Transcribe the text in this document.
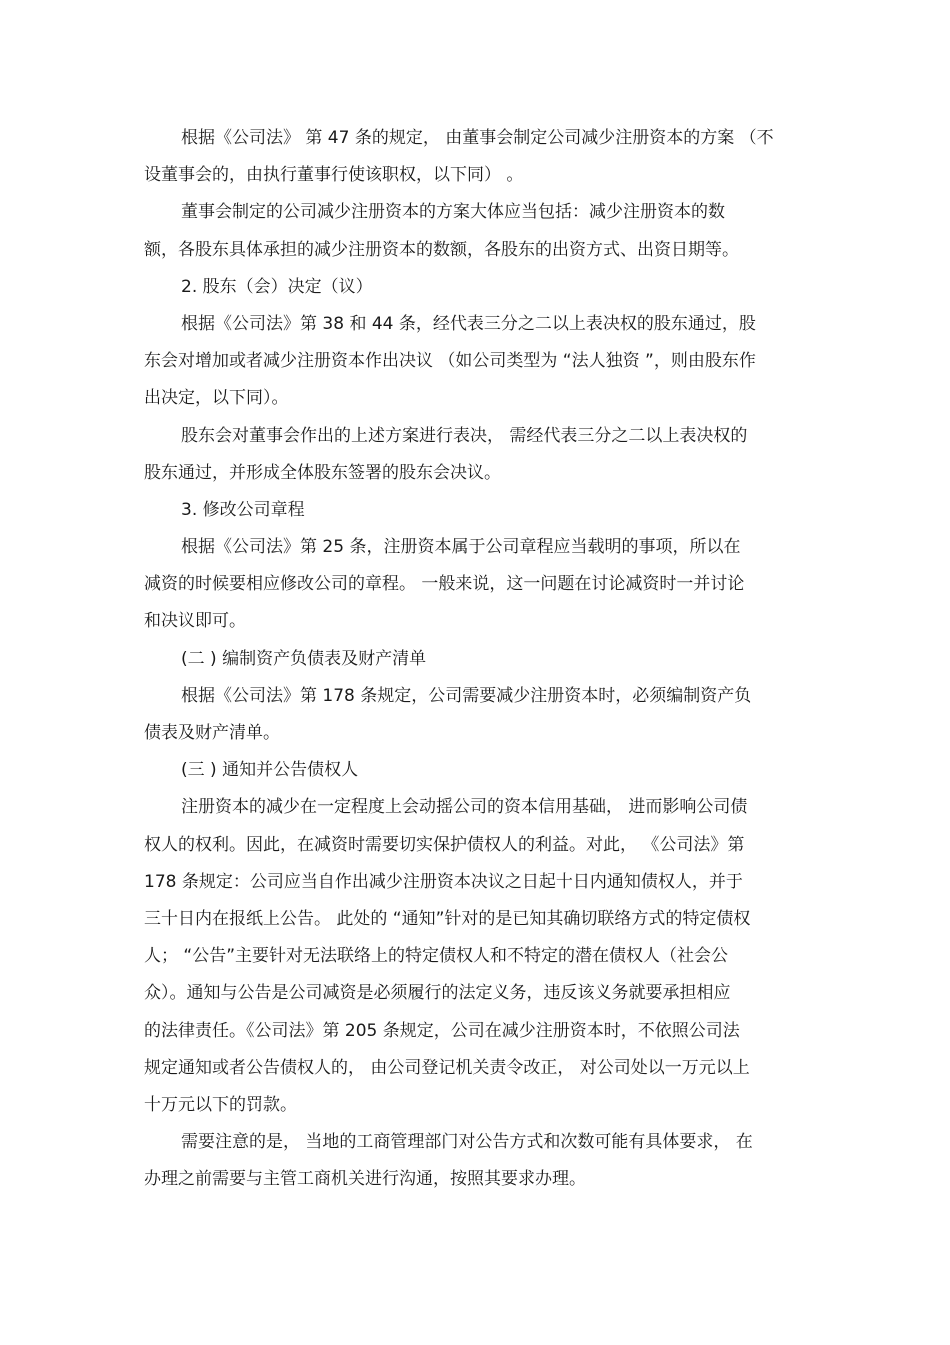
根据《公司法》 第 47 条的规定， 由董事会制定公司减少注册资本的方案 （不
设董事会的，由执行董事行使该职权，以下同） 。
董事会制定的公司减少注册资本的方案大体应当包括：减少注册资本的数
额，各股东具体承担的减少注册资本的数额，各股东的出资方式、出资日期等。
2. 股东（会）决定（议）
根据《公司法》第 38 和 44 条，经代表三分之二以上表决权的股东通过，股
东会对增加或者减少注册资本作出决议 （如公司类型为 “法人独资 ”，则由股东作
出决定，以下同）。
股东会对董事会作出的上述方案进行表决， 需经代表三分之二以上表决权的
股东通过，并形成全体股东签署的股东会决议。
3. 修改公司章程
根据《公司法》第 25 条，注册资本属于公司章程应当载明的事项，所以在
减资的时候要相应修改公司的章程。 一般来说，这一问题在讨论减资时一并讨论
和决议即可。
(二 ) 编制资产负债表及财产清单
根据《公司法》第 178 条规定，公司需要减少注册资本时，必须编制资产负
债表及财产清单。
(三 ) 通知并公告债权人
注册资本的减少在一定程度上会动摇公司的资本信用基础， 进而影响公司债
权人的权利。因此，在减资时需要切实保护债权人的利益。对此， 《公司法》第
178 条规定：公司应当自作出减少注册资本决议之日起十日内通知债权人，并于
三十日内在报纸上公告。 此处的 “通知”针对的是已知其确切联络方式的特定债权
人； “公告”主要针对无法联络上的特定债权人和不特定的潜在债权人（社会公
众）。通知与公告是公司减资是必须履行的法定义务，违反该义务就要承担相应
的法律责任。《公司法》第 205 条规定，公司在减少注册资本时，不依照公司法
规定通知或者公告债权人的， 由公司登记机关责令改正， 对公司处以一万元以上
十万元以下的罚款。
需要注意的是， 当地的工商管理部门对公告方式和次数可能有具体要求， 在
办理之前需要与主管工商机关进行沟通，按照其要求办理。
